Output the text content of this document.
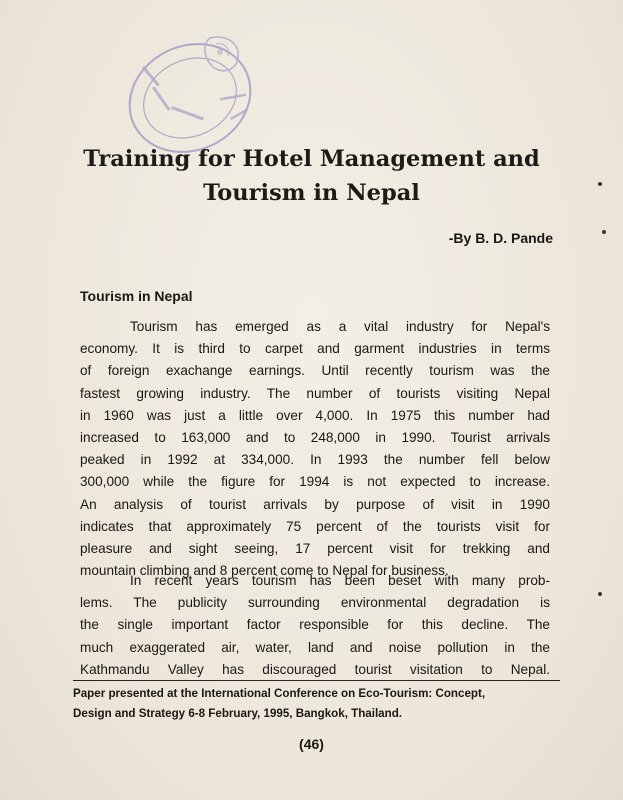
Training for Hotel Management and
Tourism in Nepal
-By B. D. Pande
Tourism in Nepal
Tourism has emerged as a vital industry for Nepal's
economy. It is third to carpet and garment industries in terms
of foreign exachange earnings. Until recently tourism was the
fastest growing industry. The number of tourists visiting Nepal
in 1960 was just a little over 4,000. In 1975 this number had
increased to 163,000 and to 248,000 in 1990. Tourist arrivals
peaked in 1992 at 334,000. In 1993 the number fell below
300,000 while the figure for 1994 is not expected to increase.
An analysis of tourist arrivals by purpose of visit in 1990
indicates that approximately 75 percent of the tourists visit for
pleasure and sight seeing, 17 percent visit for trekking and
mountain climbing and 8 percent come to Nepal for business.
In recent years tourism has been beset with many prob-
lems. The publicity surrounding environmental degradation is
the single important factor responsible for this decline. The
much exaggerated air, water, land and noise pollution in the
Kathmandu Valley has discouraged tourist visitation to Nepal.
Paper presented at the International Conference on Eco-Tourism: Concept,
Design and Strategy 6-8 February, 1995, Bangkok, Thailand.
(46)
